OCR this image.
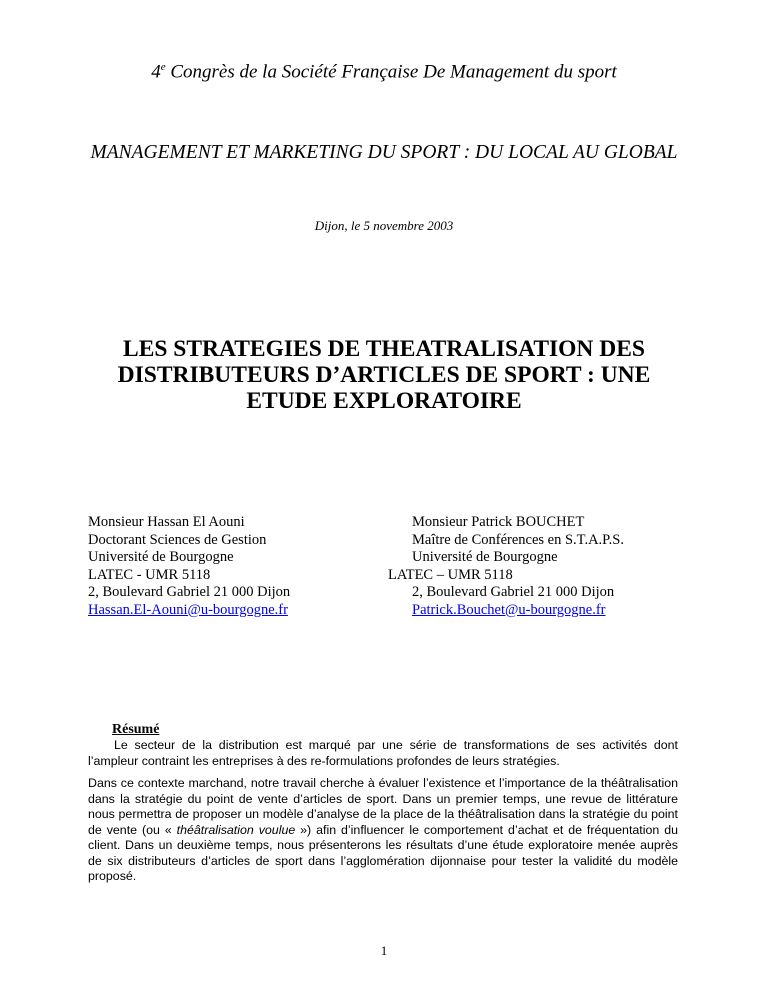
4e Congrès de la Société Française De Management du sport
MANAGEMENT ET MARKETING DU SPORT : DU LOCAL AU GLOBAL
Dijon, le 5 novembre 2003
LES STRATEGIES DE THEATRALISATION DES
DISTRIBUTEURS D’ARTICLES DE SPORT : UNE
ETUDE EXPLORATOIRE
Monsieur Hassan El Aouni
Doctorant Sciences de Gestion
Université de Bourgogne
LATEC - UMR 5118
2, Boulevard Gabriel 21 000 Dijon
Hassan.El-Aouni@u-bourgogne.fr
Monsieur Patrick BOUCHET
Maître de Conférences en S.T.A.P.S.
Université de Bourgogne
LATEC – UMR 5118
2, Boulevard Gabriel 21 000 Dijon
Patrick.Bouchet@u-bourgogne.fr
Résumé
Le secteur de la distribution est marqué par une série de transformations de ses activités dont l’ampleur contraint les entreprises à des re-formulations profondes de leurs stratégies.
Dans ce contexte marchand, notre travail cherche à évaluer l’existence et l’importance de la théâtralisation dans la stratégie du point de vente d’articles de sport. Dans un premier temps, une revue de littérature nous permettra de proposer un modèle d’analyse de la place de la théâtralisation dans la stratégie du point de vente (ou « théâtralisation voulue ») afin d’influencer le comportement d’achat et de fréquentation du client. Dans un deuxième temps, nous présenterons les résultats d’une étude exploratoire menée auprès de six distributeurs d’articles de sport dans l’agglomération dijonnaise pour tester la validité du modèle proposé.
1
